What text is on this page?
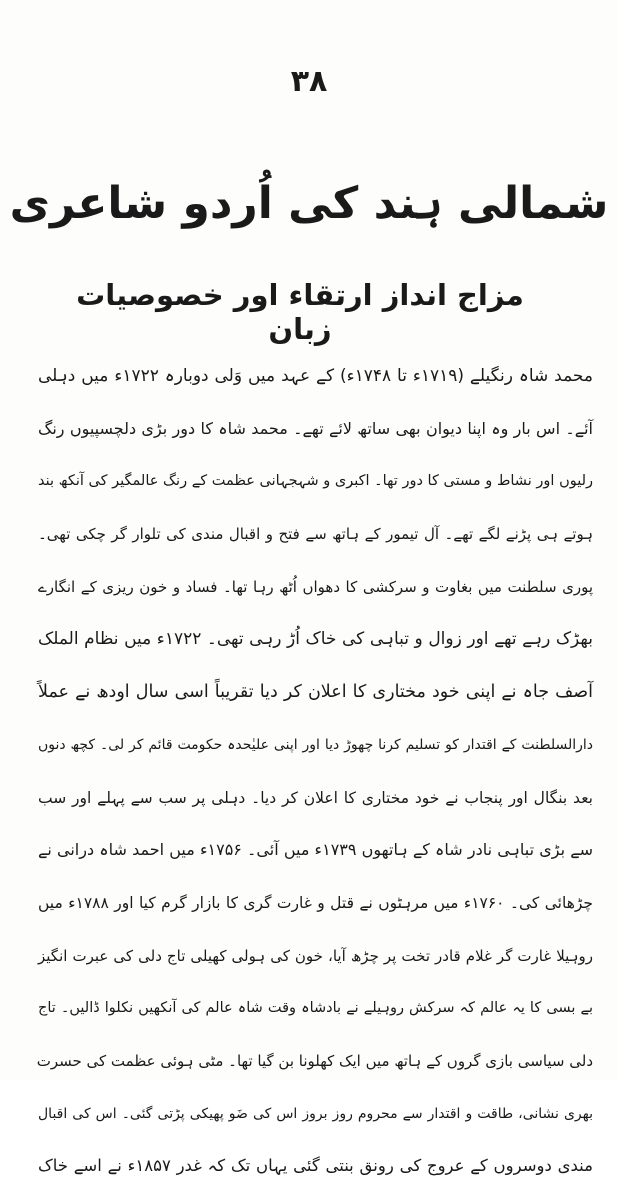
۳۸
شمالی ہند کی اُردو شاعری
مزاج انداز ارتقاء اور خصوصیات زبان
محمد شاہ رنگیلے (۱۷۱۹ء تا ۱۷۴۸ء) کے عہد میں وَلی دوبارہ ۱۷۲۲ء میں دہلی
آئے۔ اس بار وہ اپنا دیوان بھی ساتھ لائے تھے۔ محمد شاہ کا دور بڑی دلچسپیوں رنگ
رلیوں اور نشاط و مستی کا دور تھا۔ اکبری و شہجہانی عظمت کے رنگ عالمگیر کی آنکھ بند
ہوتے ہی پڑنے لگے تھے۔ آل تیمور کے ہاتھ سے فتح و اقبال مندی کی تلوار گر چکی تھی۔
پوری سلطنت میں بغاوت و سرکشی کا دھواں اُٹھ رہا تھا۔ فساد و خون ریزی کے انگارے
بھڑک رہے تھے اور زوال و تباہی کی خاک اُڑ رہی تھی۔ ۱۷۲۲ء میں نظام الملک
آصف جاہ نے اپنی خود مختاری کا اعلان کر دیا تقریباً اسی سال اودھ نے عملاً
دارالسلطنت کے اقتدار کو تسلیم کرنا چھوڑ دیا اور اپنی علیٰحدہ حکومت قائم کر لی۔ کچھ دنوں
بعد بنگال اور پنجاب نے خود مختاری کا اعلان کر دیا۔ دہلی پر سب سے پہلے اور سب
سے بڑی تباہی نادر شاہ کے ہاتھوں ۱۷۳۹ء میں آئی۔ ۱۷۵۶ء میں احمد شاہ درانی نے
چڑھائی کی۔ ۱۷۶۰ء میں مرہٹوں نے قتل و غارت گری کا بازار گرم کیا اور ۱۷۸۸ء میں
روہیلا غارت گر غلام قادر تخت پر چڑھ آیا، خون کی ہولی کھیلی تاج دلی کی عبرت انگیز
بے بسی کا یہ عالم کہ سرکش روہیلے نے بادشاہ وقت شاہ عالم کی آنکھیں نکلوا ڈالیں۔ تاج
دلی سیاسی بازی گروں کے ہاتھ میں ایک کھلونا بن گیا تھا۔ مٹی ہوئی عظمت کی حسرت
بھری نشانی، طاقت و اقتدار سے محروم روز بروز اس کی ضَو پھیکی پڑتی گئی۔ اس کی اقبال
مندی دوسروں کے عروج کی رونق بنتی گئی یہاں تک کہ غدر ۱۸۵۷ء نے اسے خاک
